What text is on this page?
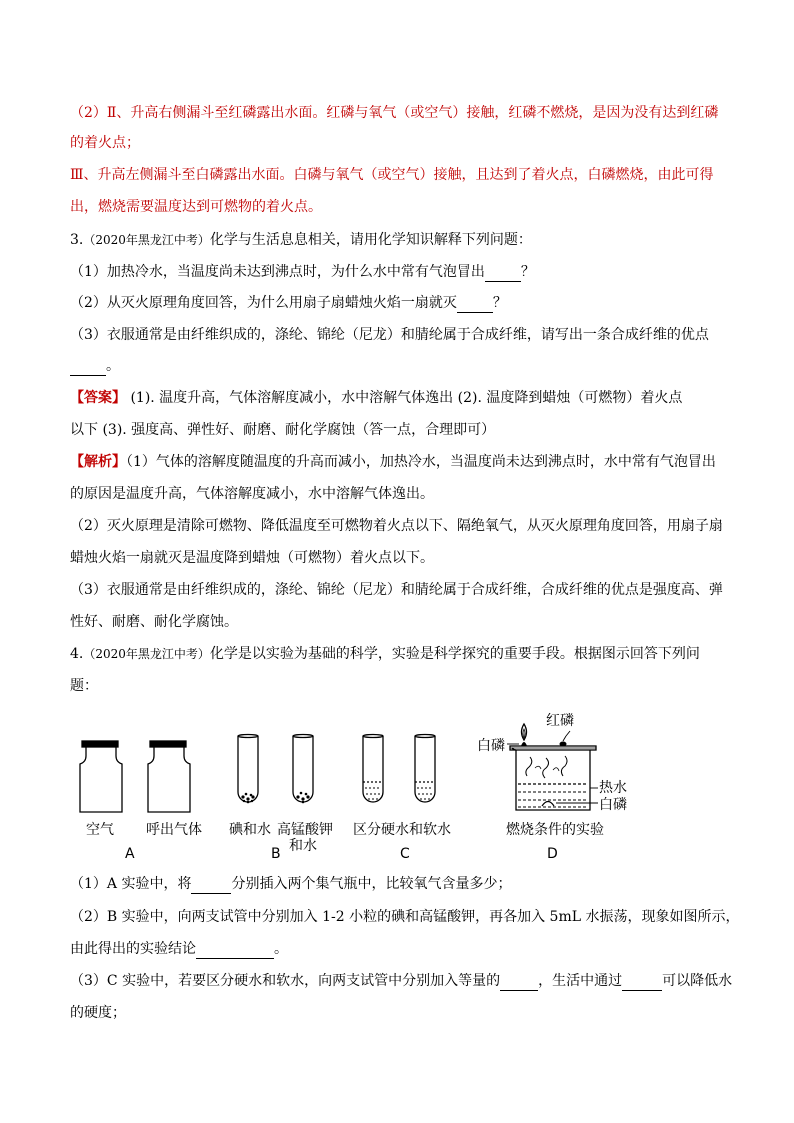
（2）Ⅱ、升高右侧漏斗至红磷露出水面。红磷与氧气（或空气）接触，红磷不燃烧，是因为没有达到红磷
的着火点；
Ⅲ、升高左侧漏斗至白磷露出水面。白磷与氧气（或空气）接触，且达到了着火点，白磷燃烧，由此可得
出，燃烧需要温度达到可燃物的着火点。
3.（2020年黑龙江中考）化学与生活息息相关，请用化学知识解释下列问题：
（1）加热冷水，当温度尚未达到沸点时，为什么水中常有气泡冒出	？
（2）从灭火原理角度回答，为什么用扇子扇蜡烛火焰一扇就灭	？
（3）衣服通常是由纤维织成的，涤纶、锦纶（尼龙）和腈纶属于合成纤维，请写出一条合成纤维的优点
。
【答案】 (1). 温度升高，气体溶解度减小，水中溶解气体逸出 (2). 温度降到蜡烛（可燃物）着火点
以下 (3). 强度高、弹性好、耐磨、耐化学腐蚀（答一点，合理即可）
【解析】（1）气体的溶解度随温度的升高而减小，加热冷水，当温度尚未达到沸点时，水中常有气泡冒出
的原因是温度升高，气体溶解度减小，水中溶解气体逸出。
（2）灭火原理是清除可燃物、降低温度至可燃物着火点以下、隔绝氧气，从灭火原理角度回答，用扇子扇
蜡烛火焰一扇就灭是温度降到蜡烛（可燃物）着火点以下。
（3）衣服通常是由纤维织成的，涤纶、锦纶（尼龙）和腈纶属于合成纤维，合成纤维的优点是强度高、弹
性好、耐磨、耐化学腐蚀。
4.（2020年黑龙江中考）化学是以实验为基础的科学，实验是科学探究的重要手段。根据图示回答下列问
题：
空气 呼出气体
A
碘和水 高锰酸钾
和水
B
区分硬水和软水
C
红磷
白磷
热水
白磷
燃烧条件的实验
D
（1）A 实验中，将	分别插入两个集气瓶中，比较氧气含量多少；
（2）B 实验中，向两支试管中分别加入 1-2 小粒的碘和高锰酸钾，再各加入 5mL 水振荡，现象如图所示，
由此得出的实验结论	。
（3）C 实验中，若要区分硬水和软水，向两支试管中分别加入等量的	，生活中通过	可以降低水
的硬度；
